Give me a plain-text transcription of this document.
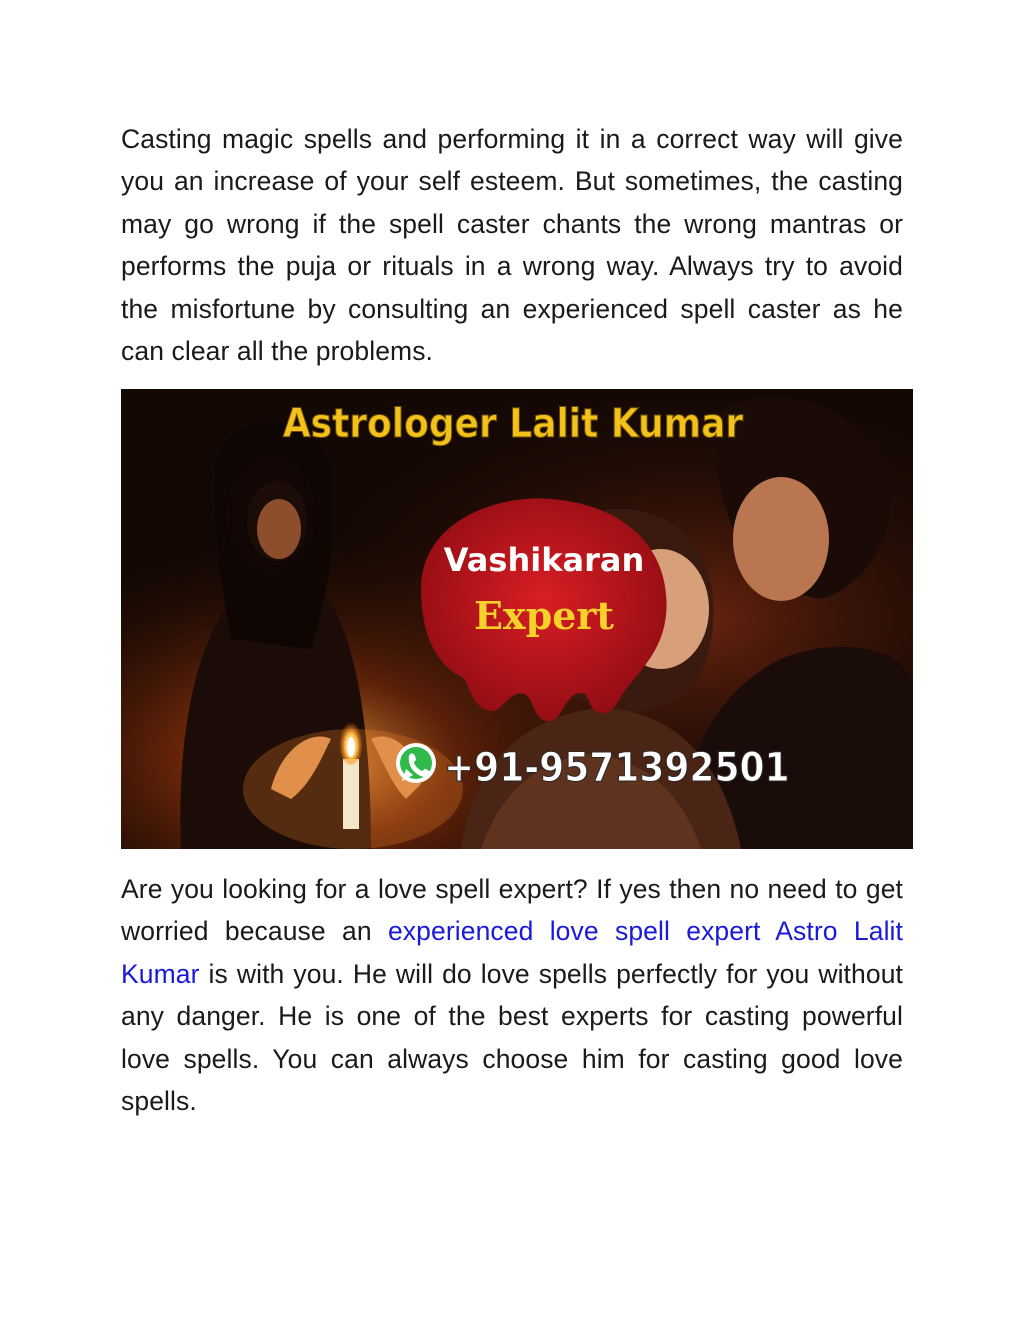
Casting magic spells and performing it in a correct way will give you an increase of your self esteem. But sometimes, the casting may go wrong if the spell caster chants the wrong mantras or performs the puja or rituals in a wrong way. Always try to avoid the misfortune by consulting an experienced spell caster as he can clear all the problems.

Astrologer Lalit Kumar
Vashikaran
Expert
+91-9571392501

Are you looking for a love spell expert? If yes then no need to get worried because an experienced love spell expert Astro Lalit Kumar is with you. He will do love spells perfectly for you without any danger. He is one of the best experts for casting powerful love spells. You can always choose him for casting good love spells.
